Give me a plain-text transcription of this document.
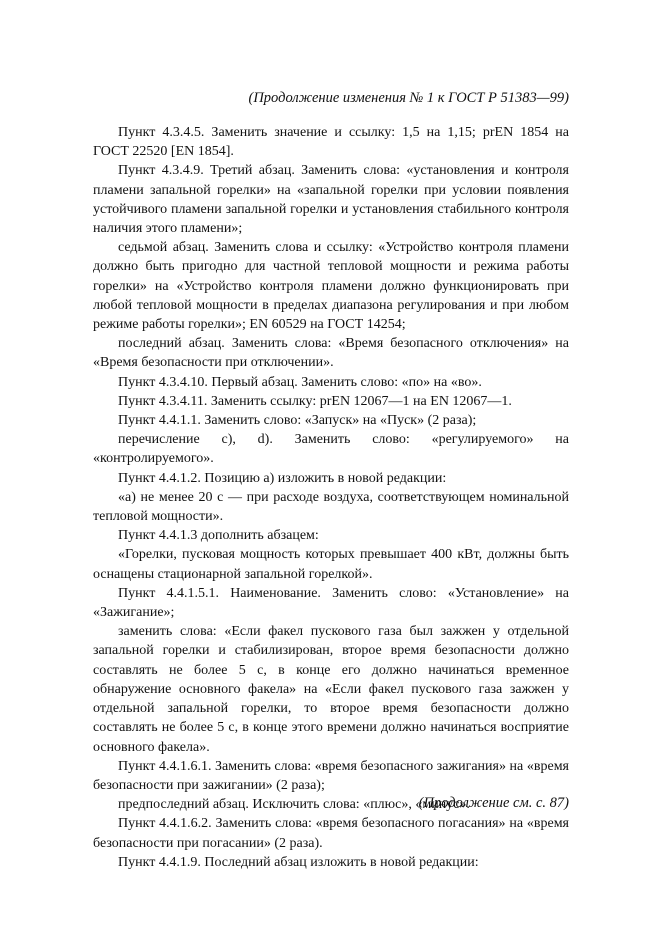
(Продолжение изменения № 1 к ГОСТ Р 51383—99)

Пункт 4.3.4.5. Заменить значение и ссылку: 1,5 на 1,15; prEN 1854 на ГОСТ 22520 [EN 1854].

Пункт 4.3.4.9. Третий абзац. Заменить слова: «установления и контроля пламени запальной горелки» на «запальной горелки при условии появления устойчивого пламени запальной горелки и установления стабильного контроля наличия этого пламени»;

седьмой абзац. Заменить слова и ссылку: «Устройство контроля пламени должно быть пригодно для частной тепловой мощности и режима работы горелки» на «Устройство контроля пламени должно функционировать при любой тепловой мощности в пределах диапазона регулирования и при любом режиме работы горелки»; EN 60529 на ГОСТ 14254;

последний абзац. Заменить слова: «Время безопасного отключения» на «Время безопасности при отключении».

Пункт 4.3.4.10. Первый абзац. Заменить слово: «по» на «во».

Пункт 4.3.4.11. Заменить ссылку: prEN 12067—1 на EN 12067—1.

Пункт 4.4.1.1. Заменить слово: «Запуск» на «Пуск» (2 раза);

перечисление с), d). Заменить слово: «регулируемого» на «контролируемого».

Пункт 4.4.1.2. Позицию а) изложить в новой редакции:

«а) не менее 20 с — при расходе воздуха, соответствующем номинальной тепловой мощности».

Пункт 4.4.1.3 дополнить абзацем:

«Горелки, пусковая мощность которых превышает 400 кВт, должны быть оснащены стационарной запальной горелкой».

Пункт 4.4.1.5.1. Наименование. Заменить слово: «Установление» на «Зажигание»;

заменить слова: «Если факел пускового газа был зажжен у отдельной запальной горелки и стабилизирован, второе время безопасности должно составлять не более 5 с, в конце его должно начинаться временное обнаружение основного факела» на «Если факел пускового газа зажжен у отдельной запальной горелки, то второе время безопасности должно составлять не более 5 с, в конце этого времени должно начинаться восприятие основного факела».

Пункт 4.4.1.6.1. Заменить слова: «время безопасного зажигания» на «время безопасности при зажигании» (2 раза);

предпоследний абзац. Исключить слова: «плюс», «минус».

Пункт 4.4.1.6.2. Заменить слова: «время безопасного погасания» на «время безопасности при погасании» (2 раза).

Пункт 4.4.1.9. Последний абзац изложить в новой редакции:

(Продолжение см. с. 87)
